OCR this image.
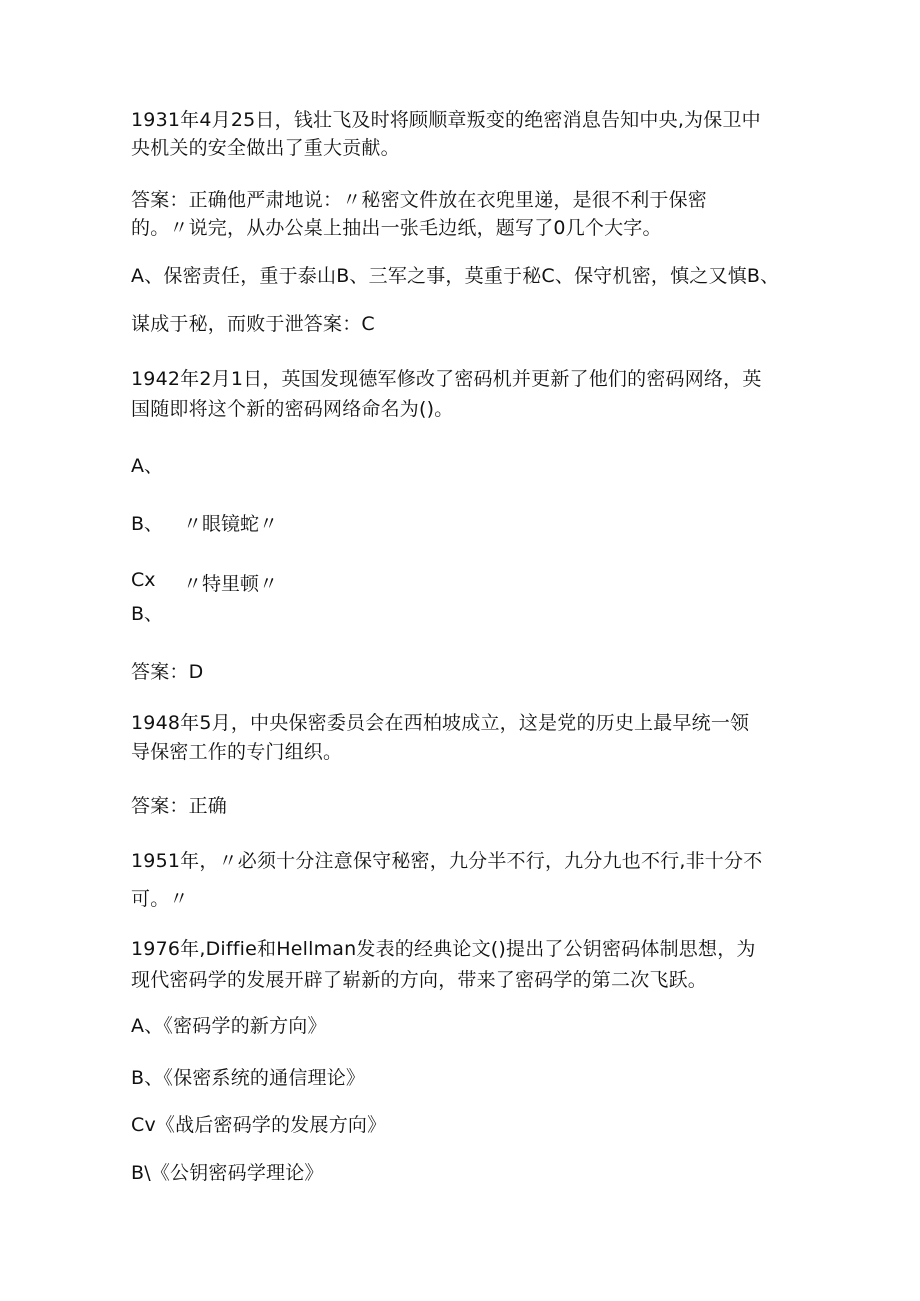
1931年4月25日，钱壮飞及时将顾顺章叛变的绝密消息告知中央,为保卫中
央机关的安全做出了重大贡献。
答案：正确他严肃地说：〃秘密文件放在衣兜里递，是很不利于保密
的。〃说完，从办公桌上抽出一张毛边纸，题写了0几个大字。
A、保密责任，重于泰山B、三军之事，莫重于秘C、保守机密，慎之又慎B、
谋成于秘，而败于泄答案：C
1942年2月1日，英国发现德军修改了密码机并更新了他们的密码网络，英
国随即将这个新的密码网络命名为()。
A、
B、 〃眼镜蛇〃
Cx 〃特里顿〃
B、
答案：D
1948年5月，中央保密委员会在西柏坡成立，这是党的历史上最早统一领
导保密工作的专门组织。
答案：正确
1951年，〃必须十分注意保守秘密，九分半不行，九分九也不行,非十分不
可。〃
1976年,Diffie和Hellman发表的经典论文()提出了公钥密码体制思想，为
现代密码学的发展开辟了崭新的方向，带来了密码学的第二次飞跃。
A、《密码学的新方向》
B、《保密系统的通信理论》
Cv《战后密码学的发展方向》
B\《公钥密码学理论》
